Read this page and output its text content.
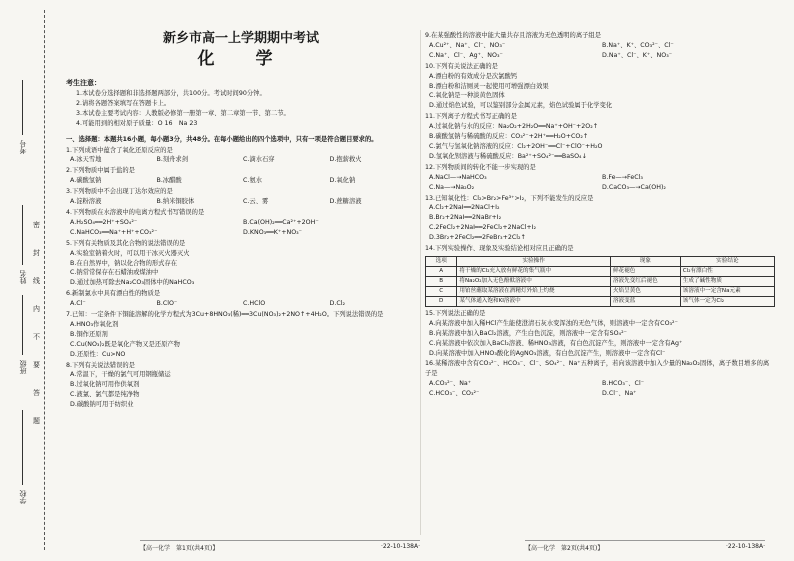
考号
姓名
班级
学校
密
封
线
内
不
要
答
题
新乡市高一上学期期中考试
化　学
考生注意：
1.本试卷分选择题和非选择题两部分，共100分。考试时间90分钟。
2.请将各题答案填写在答题卡上。
3.本试卷主要考试内容：人教版必修第一册第一章、第二章第一节、第二节。
4.可能用到的相对原子质量：O 16　Na 23
一、选择题：本题共16小题，每小题3分，共48分。在每小题给出的四个选项中，只有一项是符合题目要求的。
1.下列成语中蕴含了氧化还原反应的是
A.冰天雪地	B.刻舟求剑	C.滴水石穿	D.抱薪救火
2.下列物质中属于盐的是
A.碳酸氢钠	B.冰醋酸	C.氨水	D.氧化钠
3.下列物质中不会出现丁达尔效应的是
A.淀粉溶液	B.纳米铜胶体	C.云、雾	D.蔗糖溶液
4.下列物质在水溶液中的电离方程式书写错误的是
A.H₂SO₄══2H⁺+SO₄²⁻	B.Ca(OH)₂══Ca²⁺+2OH⁻
C.NaHCO₃══Na⁺+H⁺+CO₃²⁻	D.KNO₃══K⁺+NO₃⁻
5.下列有关物质及其化合物的说法错误的是
A.实验室钠着火时，可以用干冰灭火器灭火
B.在自然界中，钠以化合物的形式存在
C.钠常常保存在石蜡油或煤油中
D.通过加热可除去Na₂CO₃固体中的NaHCO₃
6.新制氯水中具有漂白性的物质是
A.Cl⁻	B.ClO⁻	C.HClO	D.Cl₂
7.已知：一定条件下铜能溶解的化学方程式为3Cu+8HNO₃(稀)══3Cu(NO₃)₂+2NO↑+4H₂O。下列说法错误的是
A.HNO₃作氧化剂
B.铜作还原剂
C.Cu(NO₃)₂既是氧化产物又是还原产物
D.还原性：Cu>NO
8.下列有关说法错误的是
A.常温下，干燥的氯气可用钢瓶储运
B.过氧化钠可用作供氧剂
C.液氯、氯气都是纯净物
D.碳酸钠可用于纺织业
9.在某强酸性的溶液中能大量共存且溶液为无色透明的离子组是
A.Cu²⁺、Na⁺、Cl⁻、NO₃⁻	B.Na⁺、K⁺、CO₃²⁻、Cl⁻
C.Na⁺、Cl⁻、Ag⁺、NO₃⁻	D.Na⁺、Cl⁻、K⁺、NO₃⁻
10.下列有关说法正确的是
A.漂白粉的有效成分是次氯酸钙
B.漂白粉和洁厕灵一起使用可增强漂白效果
C.氧化钠是一种淡黄色固体
D.通过焰色试验，可以鉴别部分金属元素，焰色试验属于化学变化
11.下列离子方程式书写正确的是
A.过氧化钠与水的反应：Na₂O₂+2H₂O══Na⁺+OH⁻+2O₂↑
B.碳酸氢钠与稀硫酸的反应：CO₃²⁻+2H⁺══H₂O+CO₂↑
C.氯气与氢氧化钠溶液的反应：Cl₂+2OH⁻══Cl⁻+ClO⁻+H₂O
D.氢氧化钡溶液与稀硫酸反应：Ba²⁺+SO₄²⁻══BaSO₄↓
12.下列物质间的转化不能一步实现的是
A.NaCl—→NaHCO₃	B.Fe—→FeCl₃
C.Na—→Na₂O₂	D.CaCO₃—→Ca(OH)₂
13.已知氧化性：Cl₂>Br₂>Fe³⁺>I₂，下列不能发生的反应是
A.Cl₂+2NaI══2NaCl+I₂
B.Br₂+2NaI══2NaBr+I₂
C.2FeCl₂+2NaI══2FeCl₂+2NaCl+I₂
D.3Br₂+2FeCl₂══2FeBr₃+2Cl₂↑
14.下列实验操作、现象及实验结论相对应且正确的是
选项	实验操作	现象	实验结论
A	将干燥的Cl₂充入放有鲜花的集气瓶中	鲜花褪色	Cl₂有漂白性
B	将Na₂O₂加入无色酚酞溶液中	溶液先变红后褪色	生成了碱性物质
C	用铂丝蘸取某溶液在酒精灯外焰上灼烧	火焰呈黄色	该溶液中一定含Na元素
D	某气体通入饱和KI溶液中	溶液变蓝	该气体一定为Cl₂
15.下列说法正确的是
A.向某溶液中加入稀HCl产生能使澄清石灰水变浑浊的无色气体，则溶液中一定含有CO₃²⁻
B.向某溶液中加入BaCl₂溶液，产生白色沉淀，则溶液中一定含有SO₄²⁻
C.向某溶液中依次加入BaCl₂溶液、稀HNO₃溶液，有白色沉淀产生，则溶液中一定含有Ag⁺
D.向某溶液中加入HNO₃酸化的AgNO₃溶液，有白色沉淀产生，则溶液中一定含有Cl⁻
16.某稀溶液中含有CO₃²⁻、HCO₃⁻、Cl⁻、SO₄²⁻、Na⁺五种离子，若向该溶液中加入少量的Na₂O₂固体，离子数目增多的离子是
A.CO₃²⁻、Na⁺	B.HCO₃⁻、Cl⁻
C.HCO₃⁻、CO₃²⁻	D.Cl⁻、Na⁺
【高一化学　第1页(共4页)】	·22-10-138A·	【高一化学　第2页(共4页)】	·22-10-138A·
